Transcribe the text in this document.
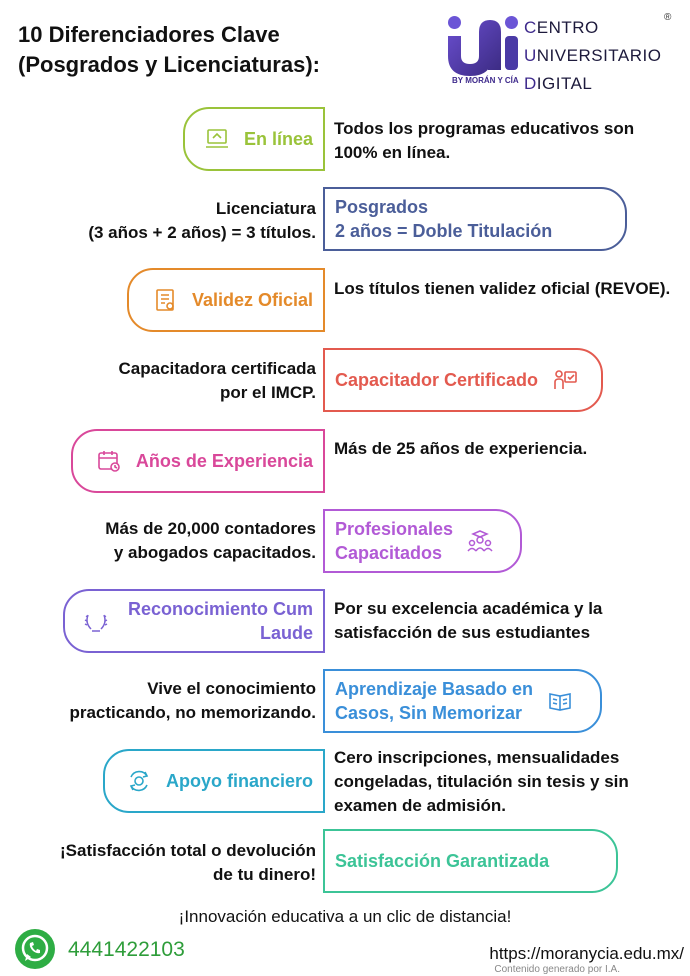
10 Diferenciadores Clave
(Posgrados y Licenciaturas):
CENTRO
UNIVERSITARIO
DIGITAL
BY MORÁN Y CÍA
®
En línea
Todos los programas educativos son 100% en línea.
Licenciatura
(3 años + 2 años) = 3 títulos.
Posgrados
2 años = Doble Titulación
Validez Oficial
Los títulos tienen validez oficial (REVOE).
Capacitadora certificada
por el IMCP.
Capacitador Certificado
Años de Experiencia
Más de 25 años de experiencia.
Más de 20,000 contadores
y abogados capacitados.
Profesionales
Capacitados
Reconocimiento Cum
Laude
Por su excelencia académica y la satisfacción de sus estudiantes
Vive el conocimiento
practicando, no memorizando.
Aprendizaje Basado en
Casos, Sin Memorizar
Apoyo financiero
Cero inscripciones, mensualidades congeladas, titulación sin tesis y sin examen de admisión.
¡Satisfacción total o devolución
de tu dinero!
Satisfacción Garantizada
¡Innovación educativa a un clic de distancia!
4441422103	https://moranycia.edu.mx/
Contenido generado por I.A.
